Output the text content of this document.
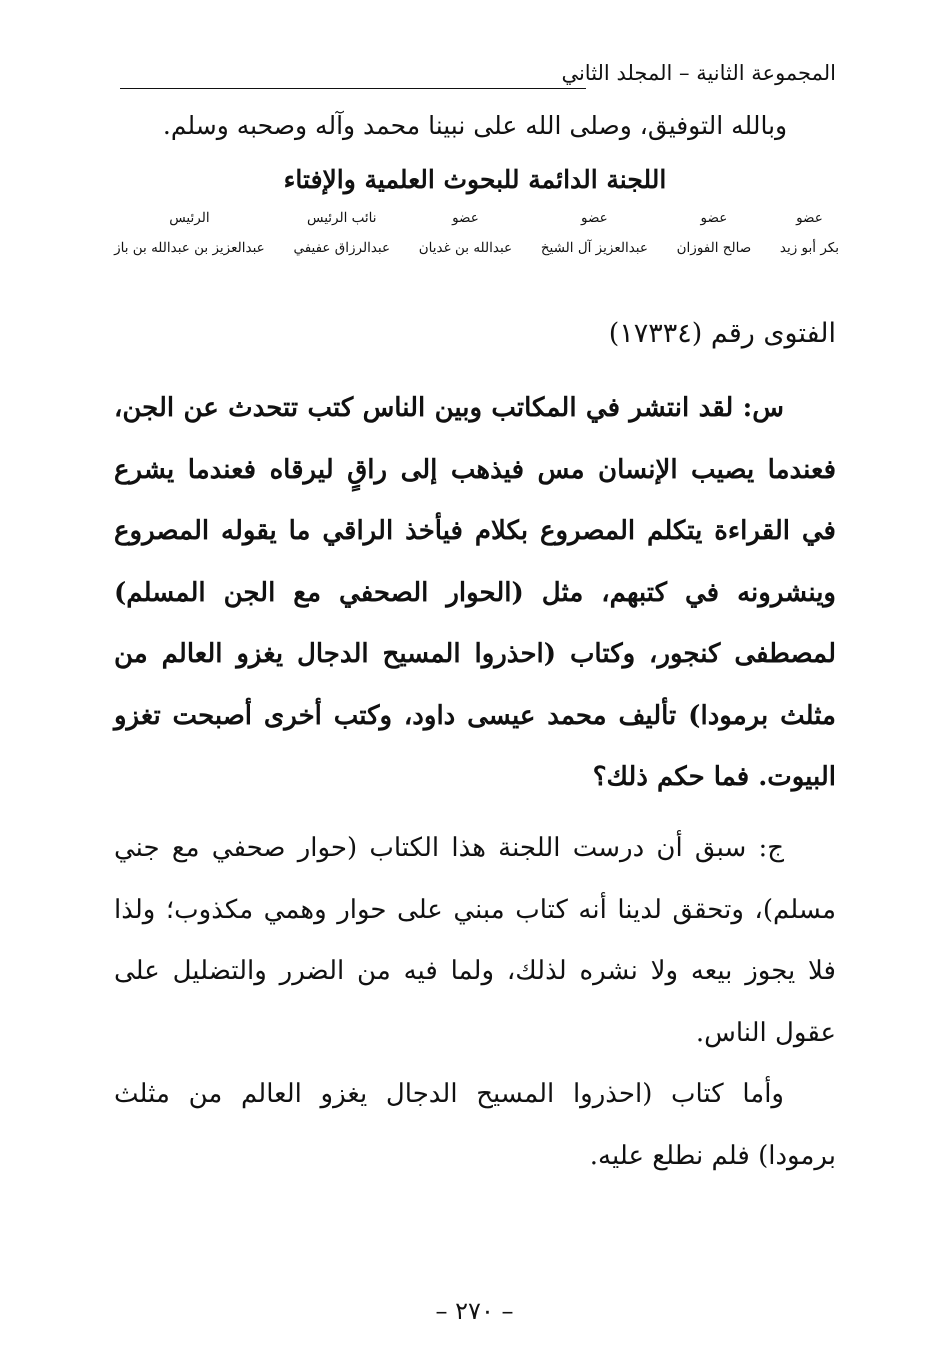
المجموعة الثانية – المجلد الثاني
وبالله التوفيق، وصلى الله على نبينا محمد وآله وصحبه وسلم.
اللجنة الدائمة للبحوث العلمية والإفتاء
عضو
بكر أبو زيد
عضو
صالح الفوزان
عضو
عبدالعزيز آل الشيخ
عضو
عبدالله بن غديان
نائب الرئيس
عبدالرزاق عفيفي
الرئيس
عبدالعزيز بن عبدالله بن باز
الفتوى رقم (١٧٣٣٤)

س: لقد انتشر في المكاتب وبين الناس كتب تتحدث عن الجن، فعندما يصيب الإنسان مس فيذهب إلى راقٍ ليرقاه فعندما يشرع في القراءة يتكلم المصروع بكلام فيأخذ الراقي ما يقوله المصروع وينشرونه في كتبهم، مثل (الحوار الصحفي مع الجن المسلم) لمصطفى كنجور، وكتاب (احذروا المسيح الدجال يغزو العالم من مثلث برمودا) تأليف محمد عيسى داود، وكتب أخرى أصبحت تغزو البيوت. فما حكم ذلك؟

ج: سبق أن درست اللجنة هذا الكتاب (حوار صحفي مع جني مسلم)، وتحقق لدينا أنه كتاب مبني على حوار وهمي مكذوب؛ ولذا فلا يجوز بيعه ولا نشره لذلك، ولما فيه من الضرر والتضليل على عقول الناس.

وأما كتاب (احذروا المسيح الدجال يغزو العالم من مثلث برمودا) فلم نطلع عليه.

– ٢٧٠ –
